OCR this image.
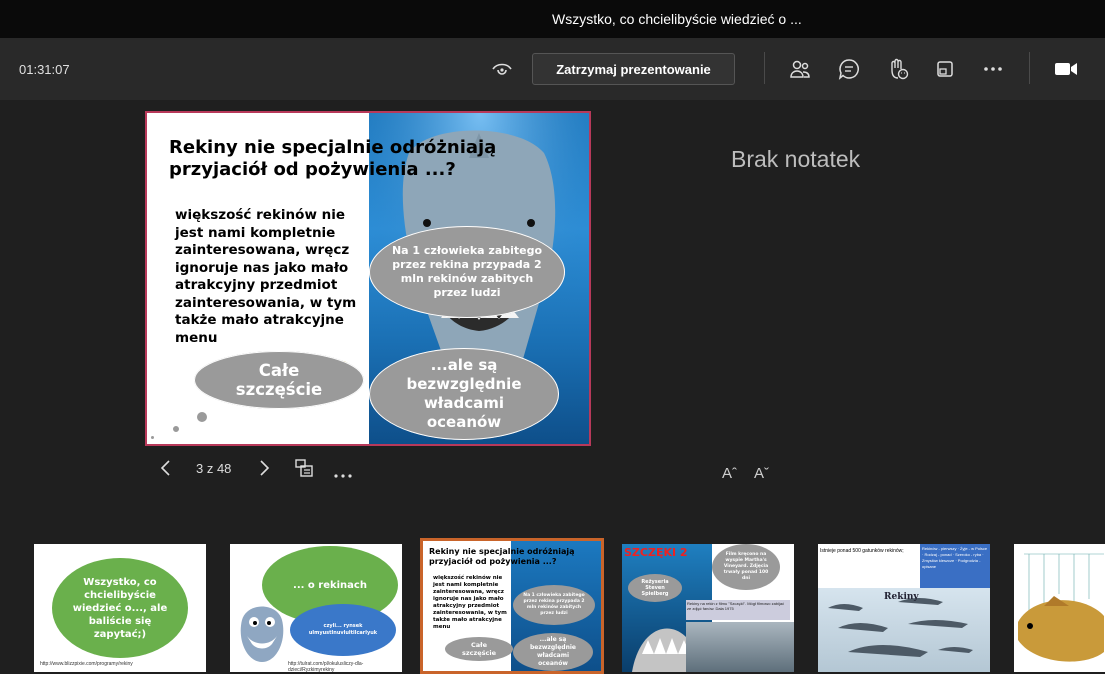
Wszystko, co chcielibyście wiedzieć o ...
01:31:07	Zatrzymaj prezentowanie
Rekiny nie specjalnie odróżniają przyjaciół od pożywienia ...?
większość rekinów nie jest nami kompletnie zainteresowana, wręcz ignoruje nas jako mało atrakcyjny przedmiot zainteresowania, w tym także mało atrakcyjne menu
Na 1 człowieka zabitego przez rekina przypada 2 mln rekinów zabitych przez ludzi
...ale są bezwzględnie władcami oceanów
Całe szczęście
3 z 48
Brak notatek
Aˆ Aˇ
Wszystko, co chcielibyście wiedzieć o..., ale baliście się zapytać;)
http://www.blizzpixie.com/programy/rekiny
... o rekinach
czyli... rynsek ulmyustlnuvlultilcarlyuk
http://tulrat.com/pl/okulusliczy-dla-dzieci/Ryzkimyrekiny
Rekiny nie specjalnie odróżniają przyjaciół od pożywienia ...?
większość rekinów nie jest nami kompletnie zainteresowana, wręcz ignoruje nas jako mało atrakcyjny przedmiot zainteresowania, w tym także mało atrakcyjne menu
Na 1 człowieka zabitego przez rekina przypada 2 mln rekinów zabitych przez ludzi
...ale są bezwzględnie władcami oceanów
Całe szczęście
SZCZĘKI 2
Reżyseria Steven Spielberg
Film kręcono na wyspie Martha's Vineyard. Zdjęcia trwały ponad 100 dni
Rekiny na rekin z filmu "Szczęki". Mógł filmowo zabijać ze zdjęć fanów. Dała 1975
Istnieje ponad 500 gatunków rekinów;	Rekinów - pierwszy · Żyje - w Polsce · Rodzaj - ponad · Szeroko - ryba · Zmysłów kleszcze · Podgrodzia - opisane
Rekiny
